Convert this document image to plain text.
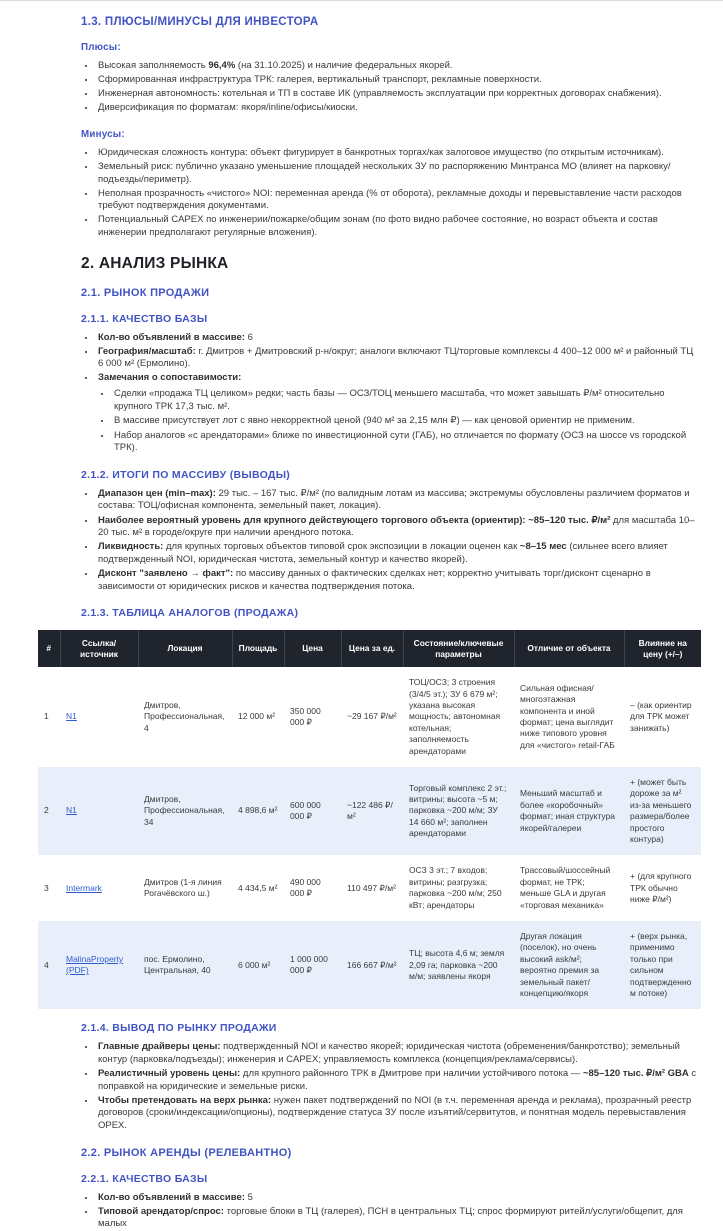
1.3. ПЛЮСЫ/МИНУСЫ ДЛЯ ИНВЕСТОРА

Плюсы:

• Высокая заполняемость 96,4% (на 31.10.2025) и наличие федеральных якорей.
• Сформированная инфраструктура ТРК: галерея, вертикальный транспорт, рекламные поверхности.
• Инженерная автономность: котельная и ТП в составе ИК (управляемость эксплуатации при корректных договорах снабжения).
• Диверсификация по форматам: якоря/inline/офисы/киоски.

Минусы:

• Юридическая сложность контура: объект фигурирует в банкротных торгах/как залоговое имущество (по открытым источникам).
• Земельный риск: публично указано уменьшение площадей нескольких ЗУ по распоряжению Минтранса МО (влияет на парковку/подъезды/периметр).
• Неполная прозрачность «чистого» NOI: переменная аренда (% от оборота), рекламные доходы и перевыставление части расходов требуют подтверждения документами.
• Потенциальный CAPEX по инженерии/пожарке/общим зонам (по фото видно рабочее состояние, но возраст объекта и состав инженерии предполагают регулярные вложения).
2. АНАЛИЗ РЫНКА
2.1. РЫНОК ПРОДАЖИ
2.1.1. КАЧЕСТВО БАЗЫ
• Кол-во объявлений в массиве: 6
• География/масштаб: г. Дмитров + Дмитровский р-н/округ; аналоги включают ТЦ/торговые комплексы 4 400–12 000 м² и районный ТЦ 6 000 м² (Ермолино).
• Замечания о сопоставимости:
• Сделки «продажа ТЦ целиком» редки; часть базы — ОСЗ/ТОЦ меньшего масштаба, что может завышать ₽/м² относительно крупного ТРК 17,3 тыс. м².
• В массиве присутствует лот с явно некорректной ценой (940 м² за 2,15 млн ₽) — как ценовой ориентир не применим.
• Набор аналогов «с арендаторами» ближе по инвестиционной сути (ГАБ), но отличается по формату (ОСЗ на шоссе vs городской ТРК).
2.1.2. ИТОГИ ПО МАССИВУ (ВЫВОДЫ)
• Диапазон цен (min–max): 29 тыс. – 167 тыс. ₽/м² (по валидным лотам из массива; экстремумы обусловлены различием форматов и состава: ТОЦ/офисная компонента, земельный пакет, локация).
• Наиболее вероятный уровень для крупного действующего торгового объекта (ориентир): ~85–120 тыс. ₽/м² для масштаба 10–20 тыс. м² в городе/округе при наличии арендного потока.
• Ликвидность: для крупных торговых объектов типовой срок экспозиции в локации оценен как ~8–15 мес (сильнее всего влияет подтвержденный NOI, юридическая чистота, земельный контур и качество якорей).
• Дисконт "заявлено → факт": по массиву данных о фактических сделках нет; корректно учитывать торг/дисконт сценарно в зависимости от юридических рисков и качества подтверждения потока.
2.1.3. ТАБЛИЦА АНАЛОГОВ (ПРОДАЖА)
#	Ссылка/источник	Локация	Площадь	Цена	Цена за ед.	Состояние/ключевые параметры	Отличие от объекта	Влияние на цену (+/–)
1	N1	Дмитров, Профессиональная, 4	12 000 м²	350 000 000 ₽	~29 167 ₽/м²	ТОЦ/ОСЗ; 3 строения (3/4/5 эт.); ЗУ 6 679 м²; указана высокая мощность; автономная котельная; заполняемость арендаторами	Сильная офисная/многоэтажная компонента и иной формат; цена выглядит ниже типового уровня для «чистого» retail-ГАБ	– (как ориентир для ТРК может занижать)
2	N1	Дмитров, Профессиональная, 34	4 898,6 м²	600 000 000 ₽	~122 486 ₽/м²	Торговый комплекс 2 эт.; витрины; высота ~5 м; парковка ~200 м/м; ЗУ 14 660 м²; заполнен арендаторами	Меньший масштаб и более «коробочный» формат; иная структура якорей/галереи	+ (может быть дороже за м² из-за меньшего размера/более простого контура)
3	Intermark	Дмитров (1-я линия Рогачёвского ш.)	4 434,5 м²	490 000 000 ₽	110 497 ₽/м²	ОСЗ 3 эт.; 7 входов; витрины; разгрузка; парковка ~200 м/м; 250 кВт; арендаторы	Трассовый/шоссейный формат, не ТРК; меньше GLA и другая «торговая механика»	+ (для крупного ТРК обычно ниже ₽/м²)
4	MalinaProperty (PDF)	пос. Ермолино, Центральная, 40	6 000 м²	1 000 000 000 ₽	166 667 ₽/м²	ТЦ; высота 4,6 м; земля 2,09 га; парковка ~200 м/м; заявлены якоря	Другая локация (поселок), но очень высокий ask/м²; вероятно премия за земельный пакет/концепцию/якоря	+ (верх рынка, применимо только при сильном подтвержденном потоке)
2.1.4. ВЫВОД ПО РЫНКУ ПРОДАЖИ
• Главные драйверы цены: подтвержденный NOI и качество якорей; юридическая чистота (обременения/банкротство); земельный контур (парковка/подъезды); инженерия и CAPEX; управляемость комплекса (концепция/реклама/сервисы).
• Реалистичный уровень цены: для крупного районного ТРК в Дмитрове при наличии устойчивого потока — ~85–120 тыс. ₽/м² GBA с поправкой на юридические и земельные риски.
• Чтобы претендовать на верх рынка: нужен пакет подтверждений по NOI (в т.ч. переменная аренда и реклама), прозрачный реестр договоров (сроки/индексации/опционы), подтверждение статуса ЗУ после изъятий/сервитутов, и понятная модель перевыставления OPEX.
2.2. РЫНОК АРЕНДЫ (РЕЛЕВАНТНО)
2.2.1. КАЧЕСТВО БАЗЫ
• Кол-во объявлений в массиве: 5
• Типовой арендатор/спрос: торговые блоки в ТЦ (галерея), ПСН в центральных ТЦ; спрос формируют ритейл/услуги/общепит, для малых
